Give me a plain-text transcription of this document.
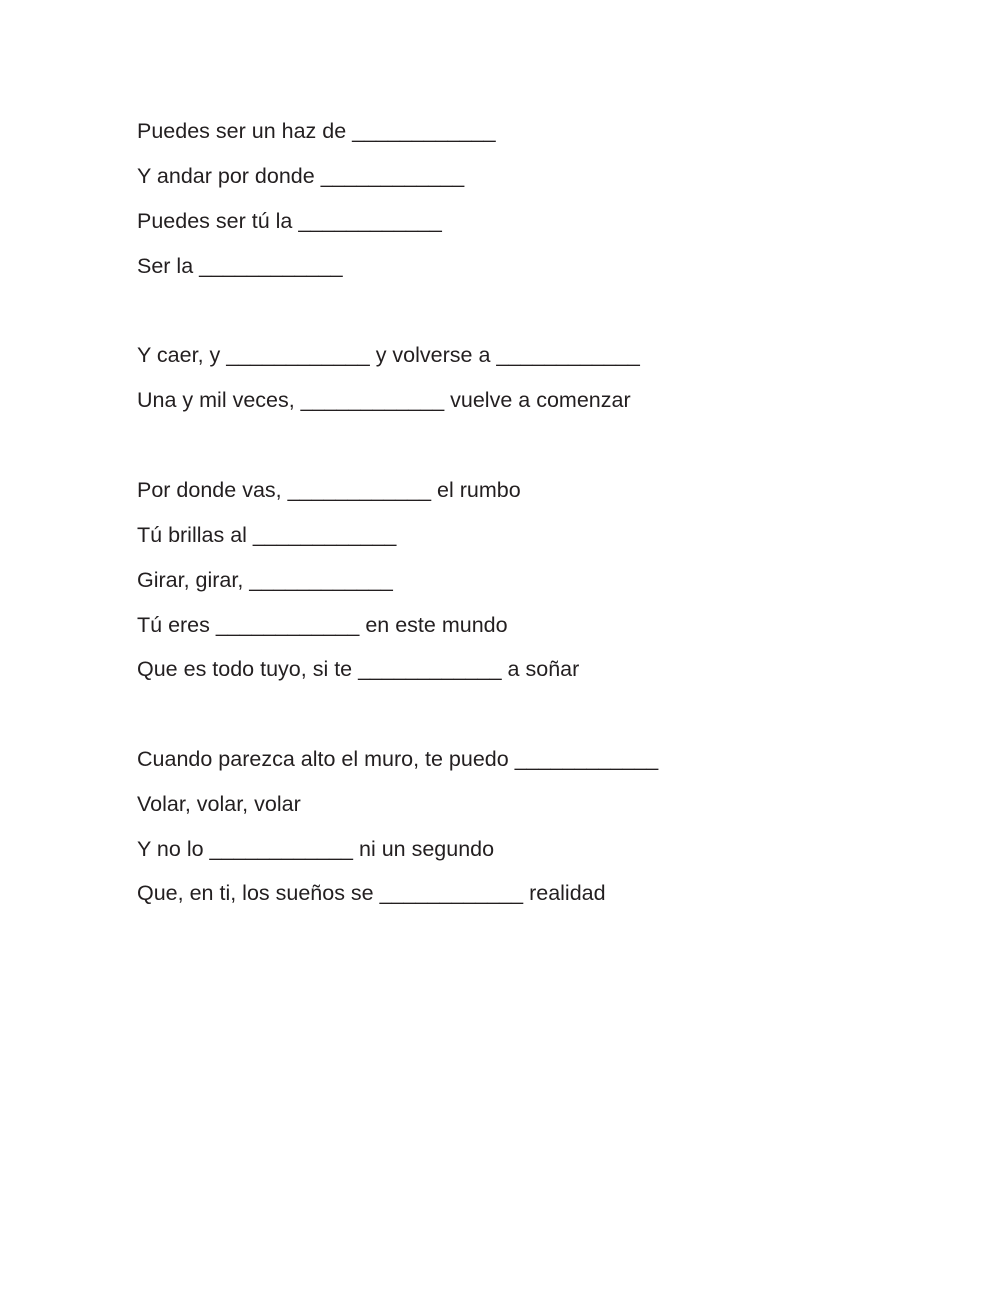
Puedes ser un haz de ____________

Y andar por donde ____________

Puedes ser tú la ____________

Ser la ____________

Y caer, y ____________ y volverse a ____________

Una y mil veces, ____________ vuelve a comenzar

Por donde vas, ____________ el rumbo

Tú brillas al ____________

Girar, girar, ____________

Tú eres ____________ en este mundo

Que es todo tuyo, si te ____________ a soñar

Cuando parezca alto el muro, te puedo ____________

Volar, volar, volar

Y no lo ____________ ni un segundo

Que, en ti, los sueños se ____________ realidad
